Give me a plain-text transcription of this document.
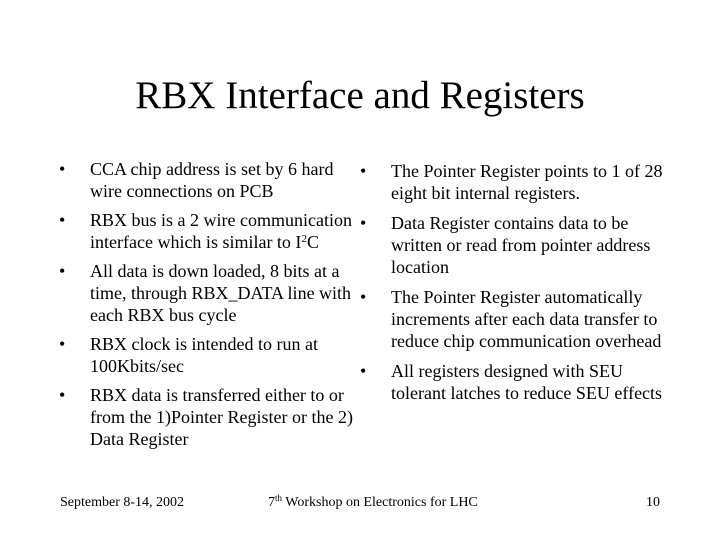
RBX Interface and Registers
• CCA chip address is set by 6 hard wire connections on PCB
• RBX bus is a 2 wire communication interface which is similar to $I^2C$
• All data is down loaded, 8 bits at a time, through RBX_DATA line with each RBX bus cycle
• RBX clock is intended to run at 100Kbits/sec
• RBX data is transferred either to or from the 1)Pointer Register or the 2) Data Register
• The Pointer Register points to 1 of 28 eight bit internal registers.
• Data Register contains data to be written or read from pointer address location
• The Pointer Register automatically increments after each data transfer to reduce chip communication overhead
• All registers designed with SEU tolerant latches to reduce SEU effects
September 8-14, 2002	7th Workshop on Electronics for LHC	10
